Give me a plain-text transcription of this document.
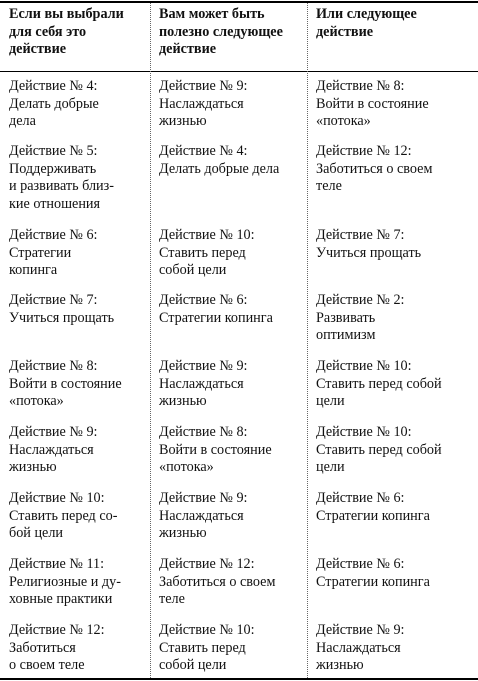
Если вы выбрали
для себя это
действие
Вам может быть
полезно следующее
действие
Или следующее
действие
Действие № 4:
Делать добрые
дела
Действие № 9:
Наслаждаться
жизнью
Действие № 8:
Войти в состояние
«потока»
Действие № 5:
Поддерживать
и развивать близ-
кие отношения
Действие № 4:
Делать добрые дела
Действие № 12:
Заботиться о своем
теле
Действие № 6:
Стратегии
копинга
Действие № 10:
Ставить перед
собой цели
Действие № 7:
Учиться прощать
Действие № 7:
Учиться прощать
Действие № 6:
Стратегии копинга
Действие № 2:
Развивать
оптимизм
Действие № 8:
Войти в состояние
«потока»
Действие № 9:
Наслаждаться
жизнью
Действие № 10:
Ставить перед собой
цели
Действие № 9:
Наслаждаться
жизнью
Действие № 8:
Войти в состояние
«потока»
Действие № 10:
Ставить перед собой
цели
Действие № 10:
Ставить перед со-
бой цели
Действие № 9:
Наслаждаться
жизнью
Действие № 6:
Стратегии копинга
Действие № 11:
Религиозные и ду-
ховные практики
Действие № 12:
Заботиться о своем
теле
Действие № 6:
Стратегии копинга
Действие № 12:
Заботиться
о своем теле
Действие № 10:
Ставить перед
собой цели
Действие № 9:
Наслаждаться
жизнью
